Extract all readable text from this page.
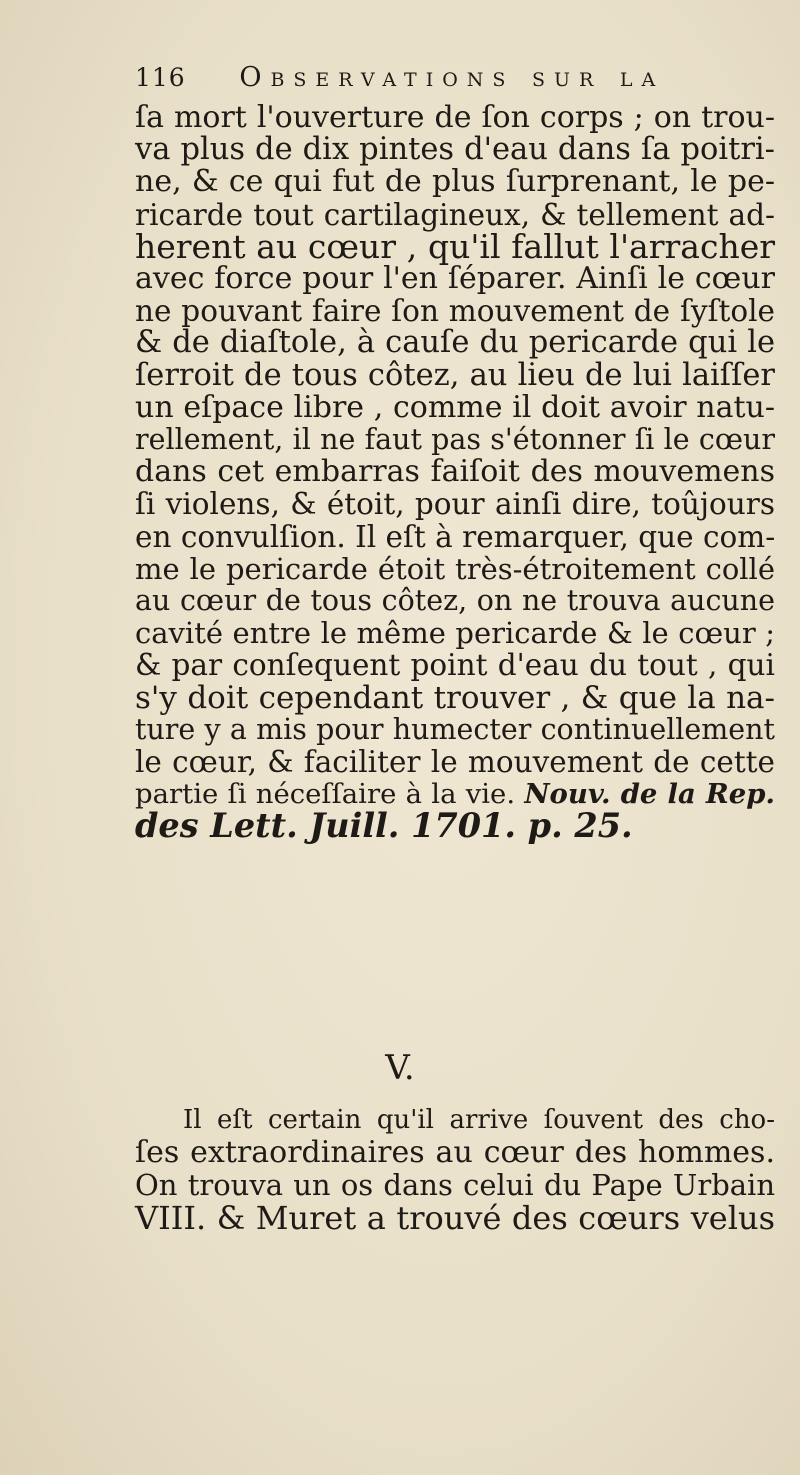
116 Observations sur la
ſa mort l'ouverture de ſon corps ; on trou-
va plus de dix pintes d'eau dans ſa poitri-
ne, & ce qui fut de plus ſurprenant, le pe-
ricarde tout cartilagineux, & tellement ad-
herent au cœur , qu'il fallut l'arracher
avec force pour l'en ſéparer. Ainſi le cœur
ne pouvant faire ſon mouvement de ſyſtole
& de diaſtole, à cauſe du pericarde qui le
ſerroit de tous côtez, au lieu de lui laiſſer
un eſpace libre , comme il doit avoir natu-
rellement, il ne faut pas s'étonner ſi le cœur
dans cet embarras faiſoit des mouvemens
ſi violens, & étoit, pour ainſi dire, toûjours
en convulſion. Il eſt à remarquer, que com-
me le pericarde étoit très-étroitement collé
au cœur de tous côtez, on ne trouva aucune
cavité entre le même pericarde & le cœur ;
& par conſequent point d'eau du tout , qui
s'y doit cependant trouver , & que la na-
ture y a mis pour humecter continuellement
le cœur, & faciliter le mouvement de cette
partie ſi néceſſaire à la vie. Nouv. de la Rep.
des Lett. Juill. 1701. p. 25.
V.
Il eſt certain qu'il arrive ſouvent des cho-
ſes extraordinaires au cœur des hommes.
On trouva un os dans celui du Pape Urbain
VIII. & Muret a trouvé des cœurs velus
